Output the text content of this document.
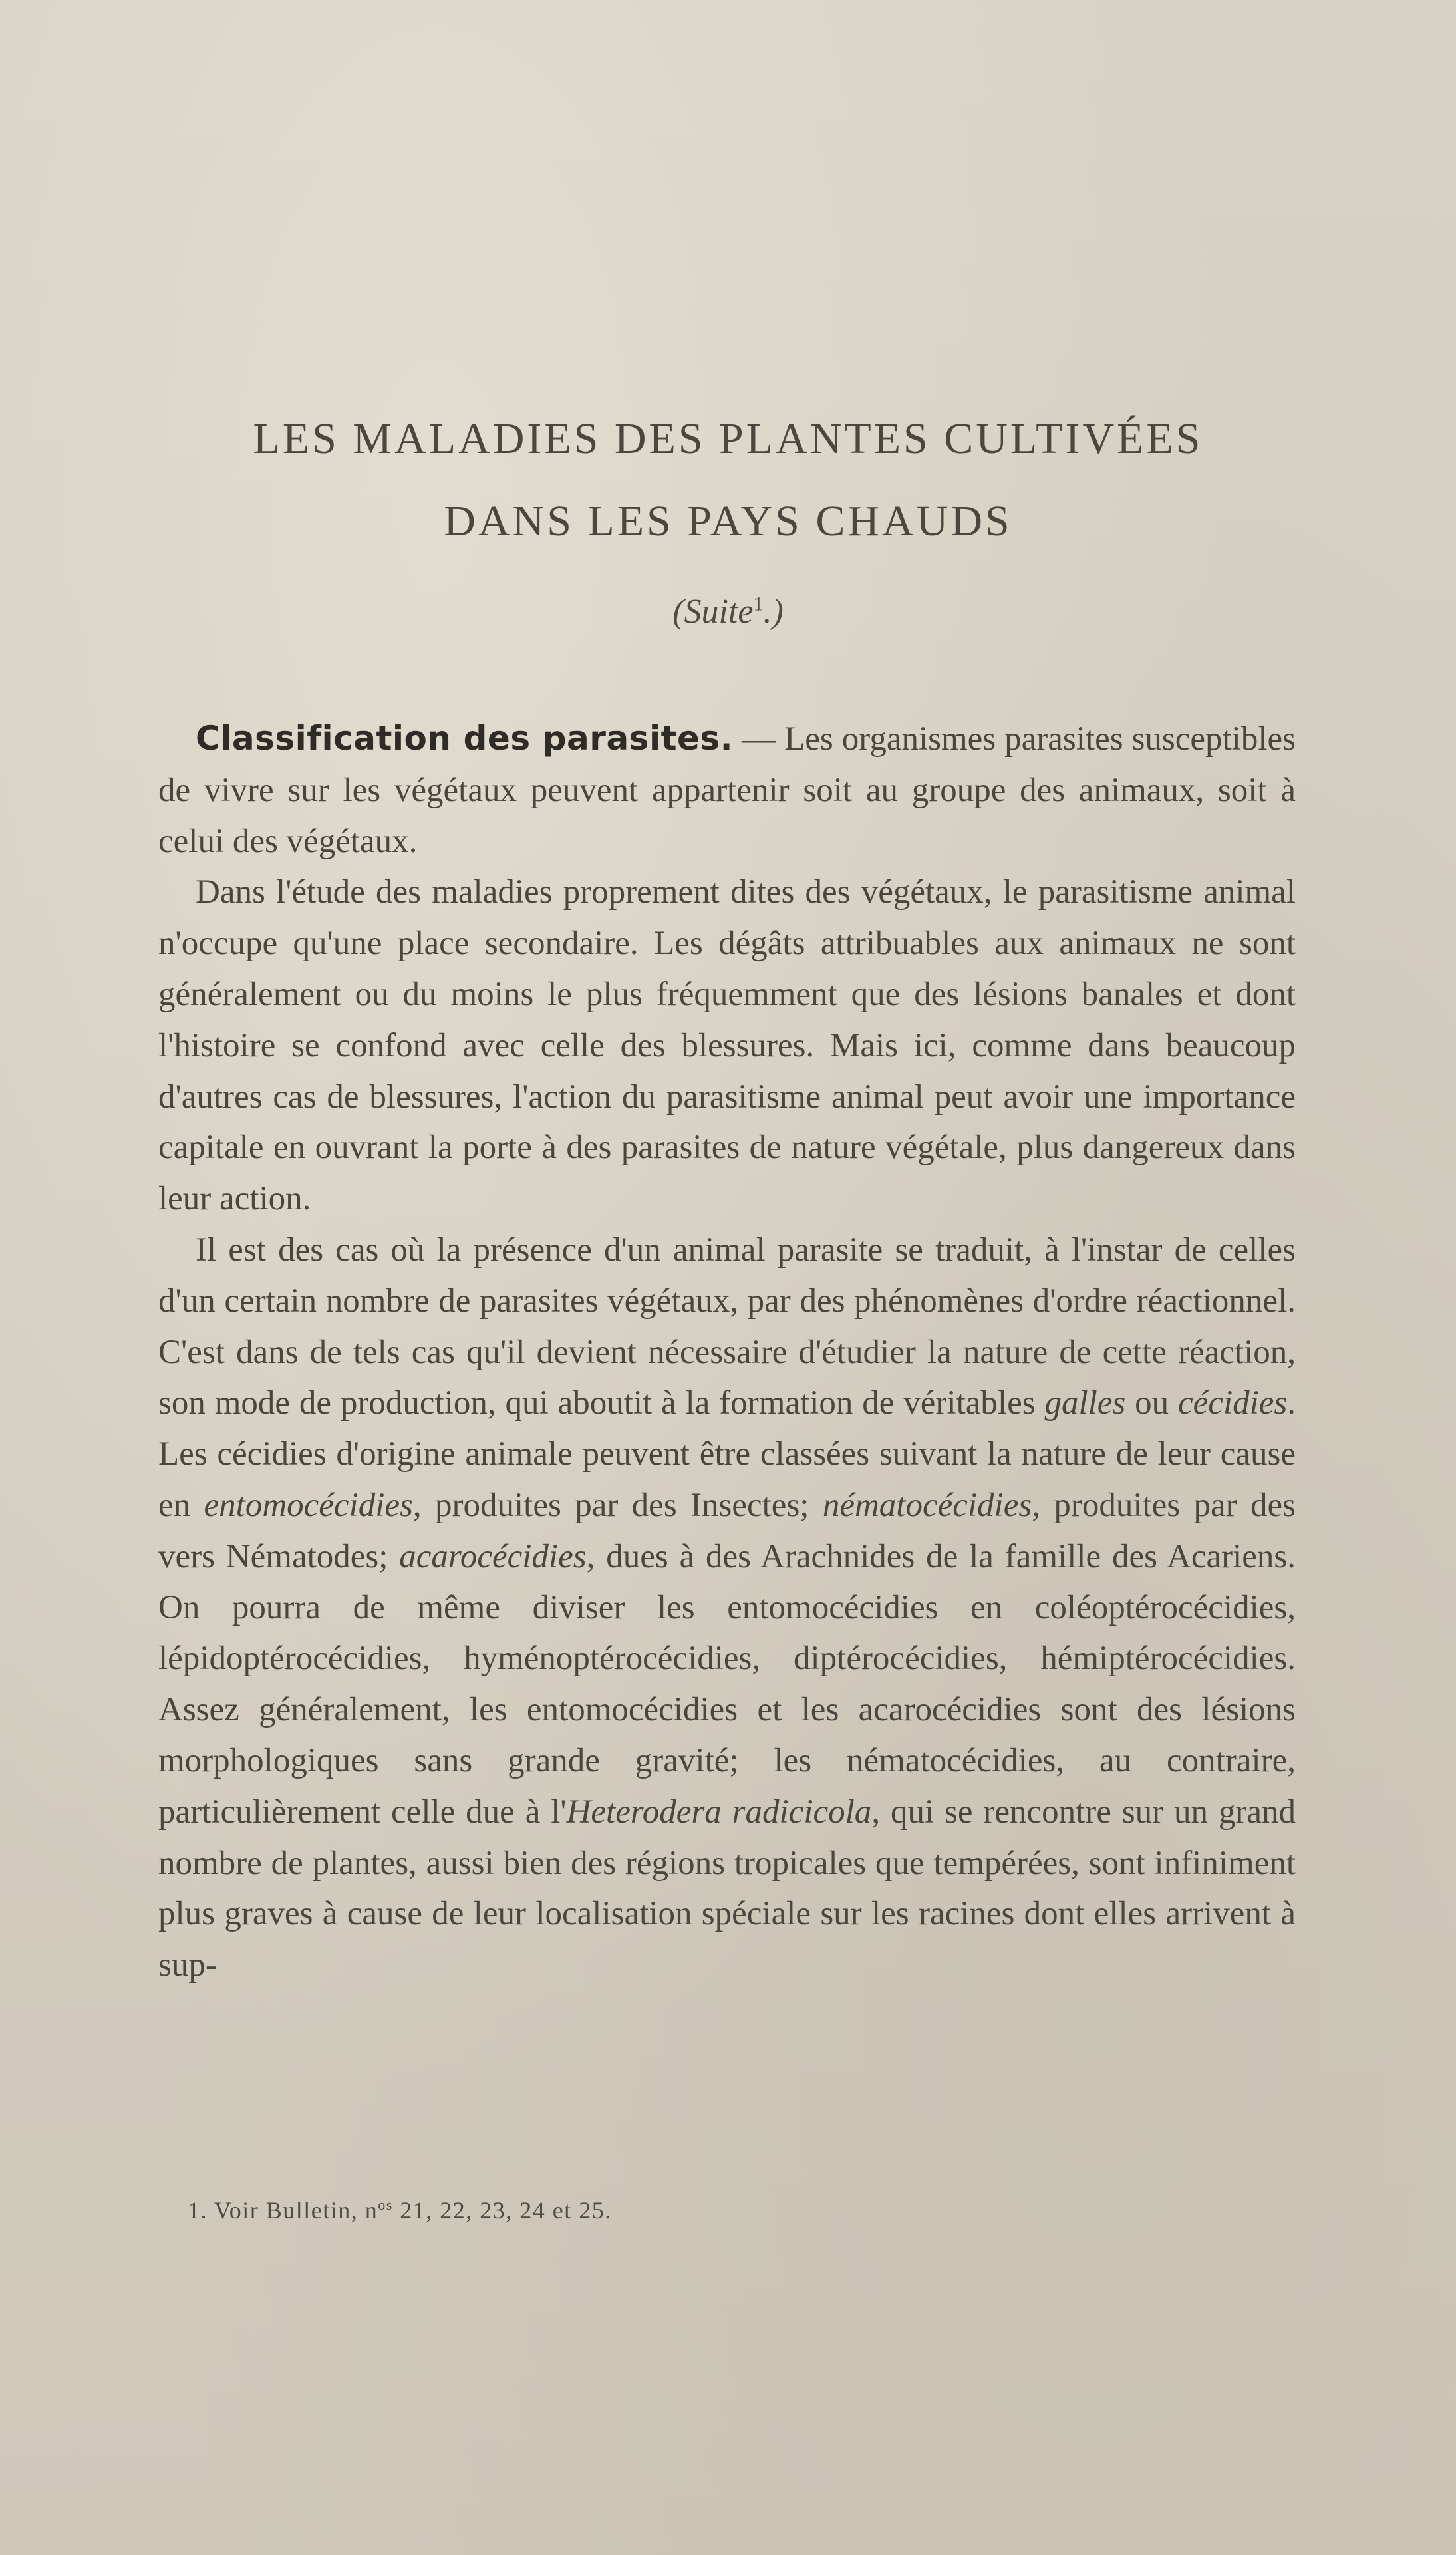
LES MALADIES DES PLANTES CULTIVÉES
DANS LES PAYS CHAUDS
(Suite$^1$.)

Classification des parasites. — Les organismes parasites susceptibles de vivre sur les végétaux peuvent appartenir soit au groupe des animaux, soit à celui des végétaux.

Dans l'étude des maladies proprement dites des végétaux, le parasitisme animal n'occupe qu'une place secondaire. Les dégâts attribuables aux animaux ne sont généralement ou du moins le plus fréquemment que des lésions banales et dont l'histoire se confond avec celle des blessures. Mais ici, comme dans beaucoup d'autres cas de blessures, l'action du parasitisme animal peut avoir une importance capitale en ouvrant la porte à des parasites de nature végétale, plus dangereux dans leur action.

Il est des cas où la présence d'un animal parasite se traduit, à l'instar de celles d'un certain nombre de parasites végétaux, par des phénomènes d'ordre réactionnel. C'est dans de tels cas qu'il devient nécessaire d'étudier la nature de cette réaction, son mode de production, qui aboutit à la formation de véritables galles ou cécidies. Les cécidies d'origine animale peuvent être classées suivant la nature de leur cause en entomocécidies, produites par des Insectes; nématocécidies, produites par des vers Nématodes; acarocécidies, dues à des Arachnides de la famille des Acariens. On pourra de même diviser les entomocécidies en coléoptérocécidies, lépidoptérocécidies, hyménoptérocécidies, diptérocécidies, hémiptérocécidies. Assez généralement, les entomocécidies et les acarocécidies sont des lésions morphologiques sans grande gravité; les nématocécidies, au contraire, particulièrement celle due à l'Heterodera radicicola, qui se rencontre sur un grand nombre de plantes, aussi bien des régions tropicales que tempérées, sont infiniment plus graves à cause de leur localisation spéciale sur les racines dont elles arrivent à sup-

1. Voir Bulletin, $n^{os}$ 21, 22, 23, 24 et 25.
